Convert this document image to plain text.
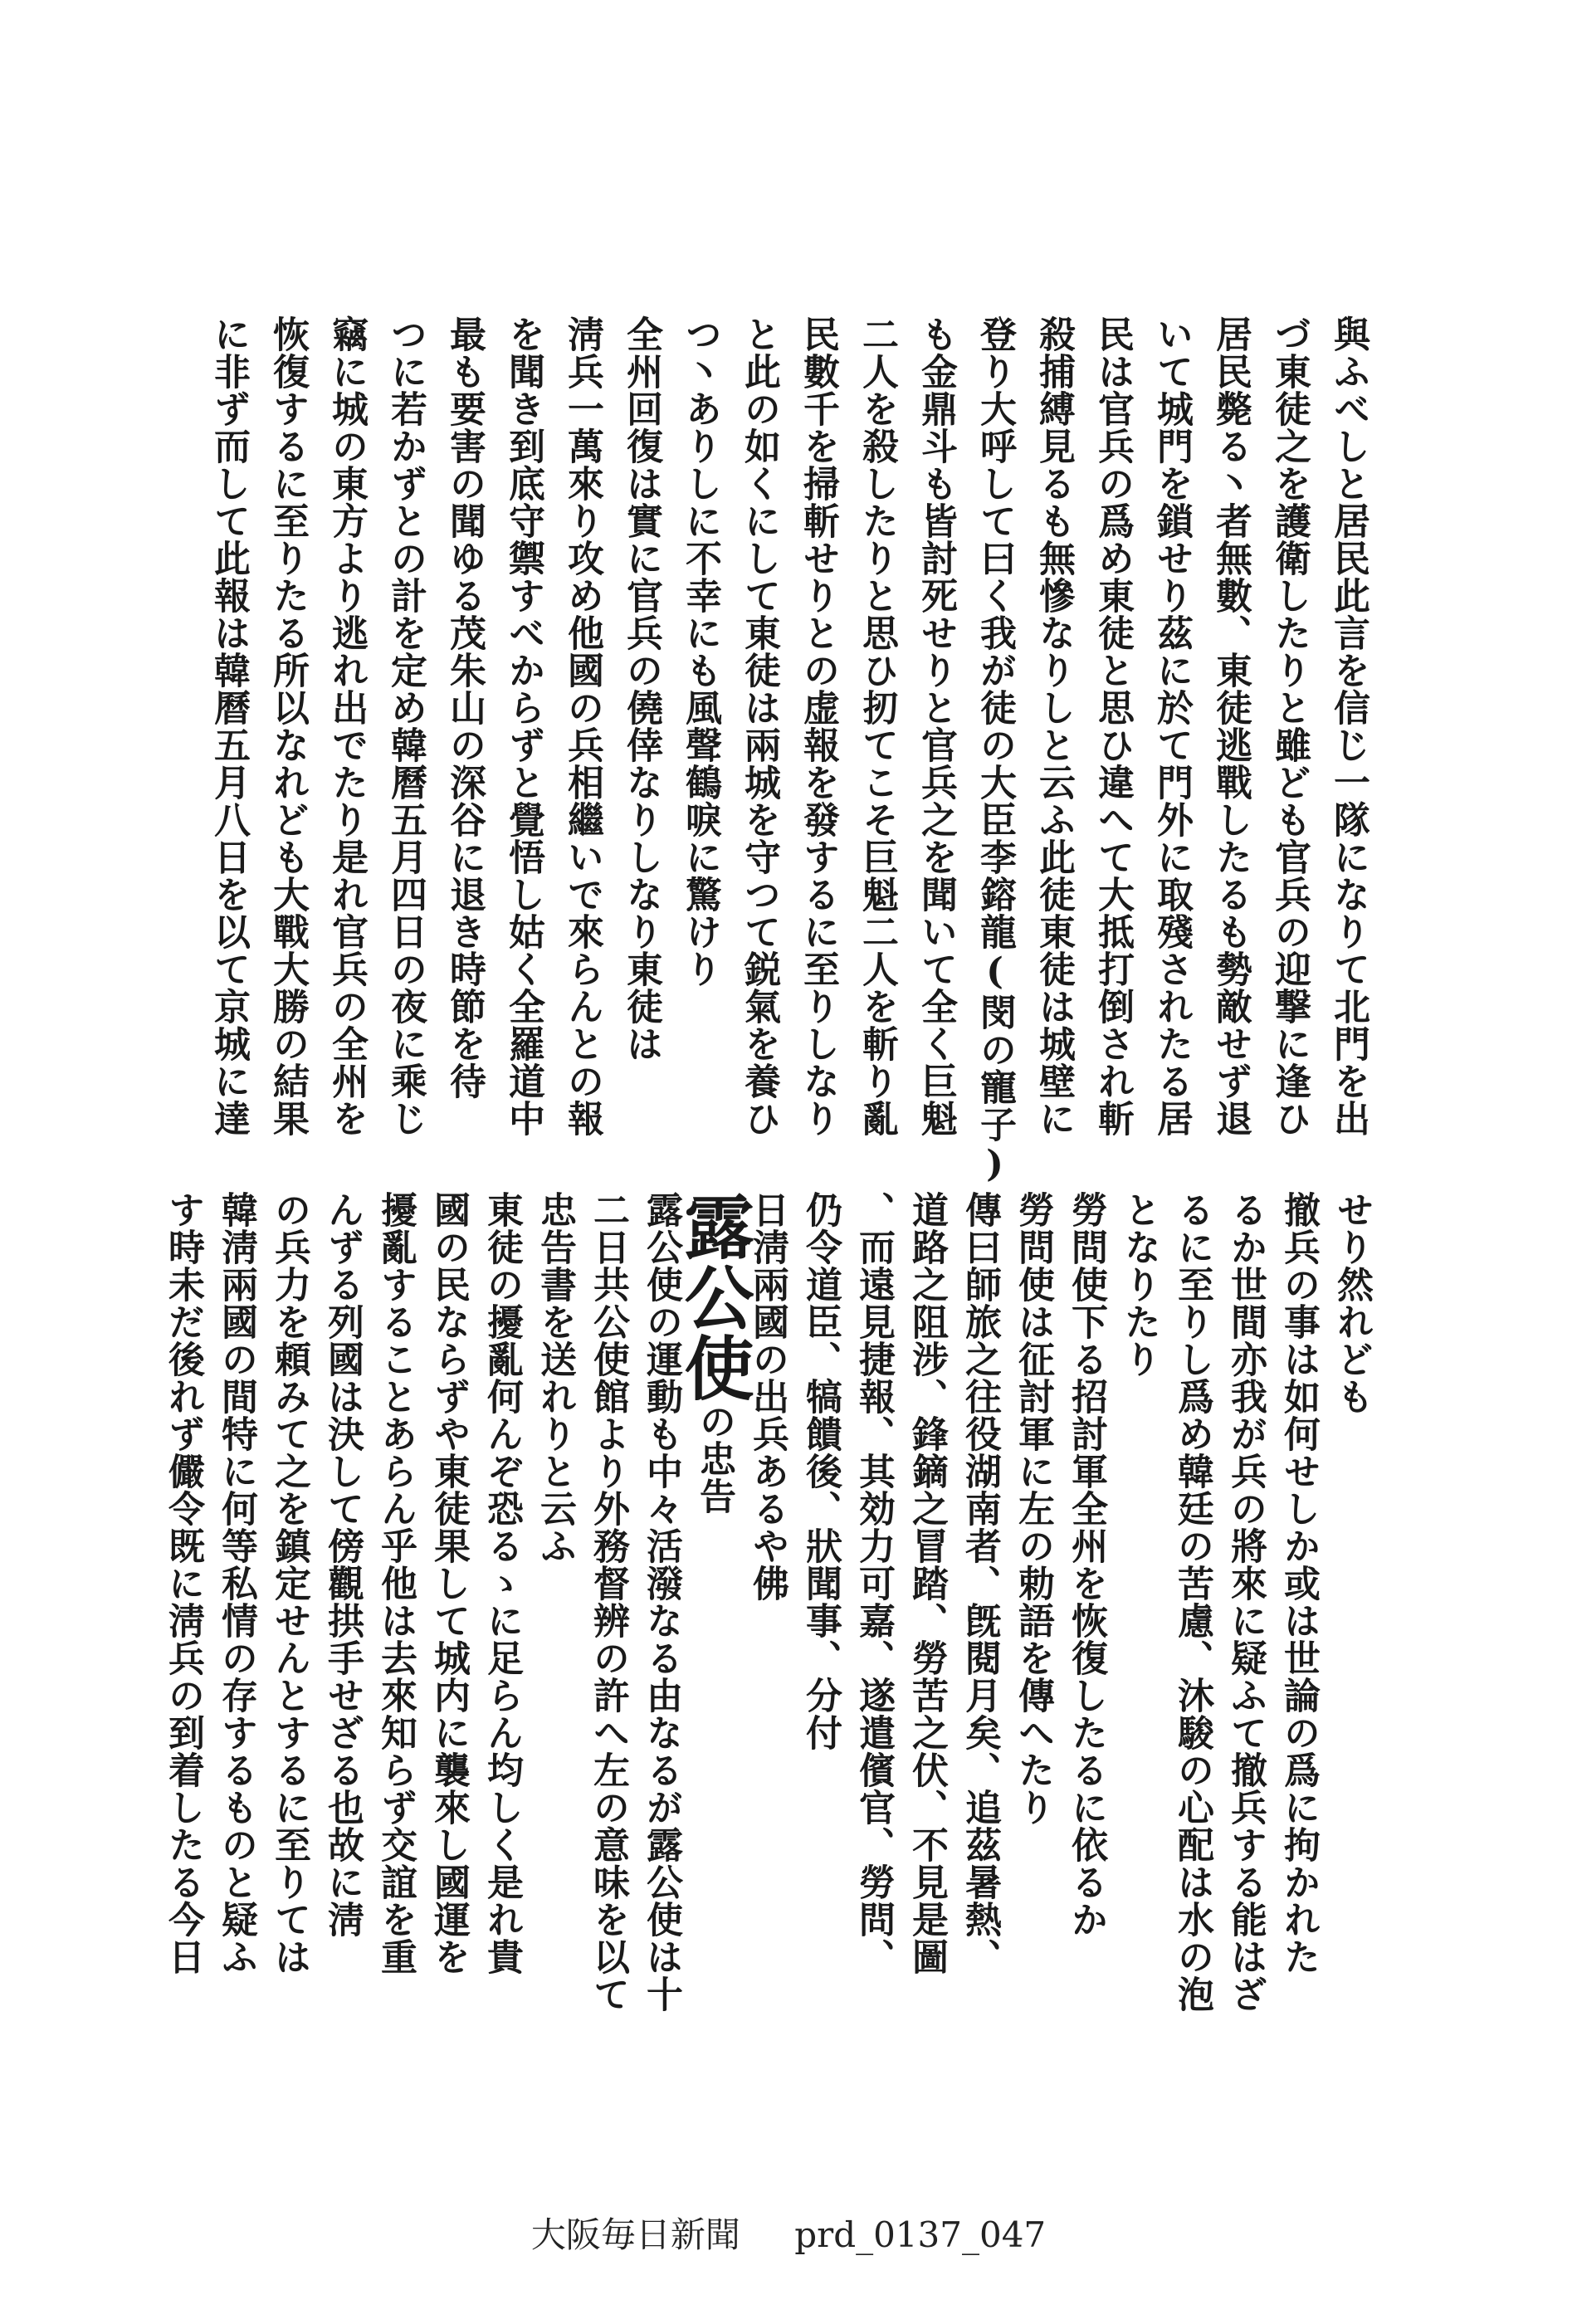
與ふべしと居民此言を信じ一隊になりて北門を出
づ東徒之を護衛したりと雖ども官兵の迎撃に逢ひ
居民斃る丶者無數、東徒逃戰したるも勢敵せず退
いて城門を鎖せり茲に於て門外に取殘されたる居
民は官兵の爲め東徒と思ひ違へて大抵打倒され斬
殺捕縛見るも無慘なりしと云ふ此徒東徒は城壁に
登り大呼して曰く我が徒の大臣李鎔龍(閔の寵子)
も金鼎斗も皆討死せりと官兵之を聞いて全く巨魁
二人を殺したりと思ひ扨てこそ巨魁二人を斬り亂
民數千を掃斬せりとの虚報を發するに至りしなり
と此の如くにして東徒は兩城を守つて鋭氣を養ひ
つ丶ありしに不幸にも風聲鶴唳に驚けり
全州回復は實に官兵の僥倖なりしなり東徒は
淸兵一萬來り攻め他國の兵相繼いで來らんとの報
を聞き到底守禦すべからずと覺悟し姑く全羅道中
最も要害の聞ゆる茂朱山の深谷に退き時節を待
つに若かずとの計を定め韓曆五月四日の夜に乘じ
竊に城の東方より逃れ出でたり是れ官兵の全州を
恢復するに至りたる所以なれども大戰大勝の結果
に非ず而して此報は韓曆五月八日を以て京城に達
せり然れども
撤兵の事は如何せしか或は世論の爲に拘かれた
るか世間亦我が兵の將來に疑ふて撤兵する能はざ
るに至りし爲め韓廷の苦慮、沐駿の心配は水の泡
となりたり
勞問使下る招討軍全州を恢復したるに依るか
勞問使は征討軍に左の勅語を傳へたり
傳曰師旅之往役湖南者、旣閱月矣、追茲暑熱、
道路之阻涉、鋒鏑之冒踏、勞苦之伏、不見是圖
、而遠見捷報、其効力可嘉、遂遣儐官、勞問、
仍令道臣、犒饋後、狀聞事、分付
日淸兩國の出兵あるや佛
露公使の忠告
露公使の運動も中々活潑なる由なるが露公使は十
二日共公使館より外務督辨の許へ左の意味を以て
忠告書を送れりと云ふ
東徒の擾亂何んぞ恐るゝに足らん均しく是れ貴
國の民ならずや東徒果して城内に襲來し國運を
擾亂することあらん乎他は去來知らず交誼を重
んずる列國は決して傍觀拱手せざる也故に淸
の兵力を頼みて之を鎮定せんとするに至りては
韓淸兩國の間特に何等私情の存するものと疑ふ
す時未だ後れず儼令既に淸兵の到着したる今日
大阪毎日新聞 prd_0137_047
